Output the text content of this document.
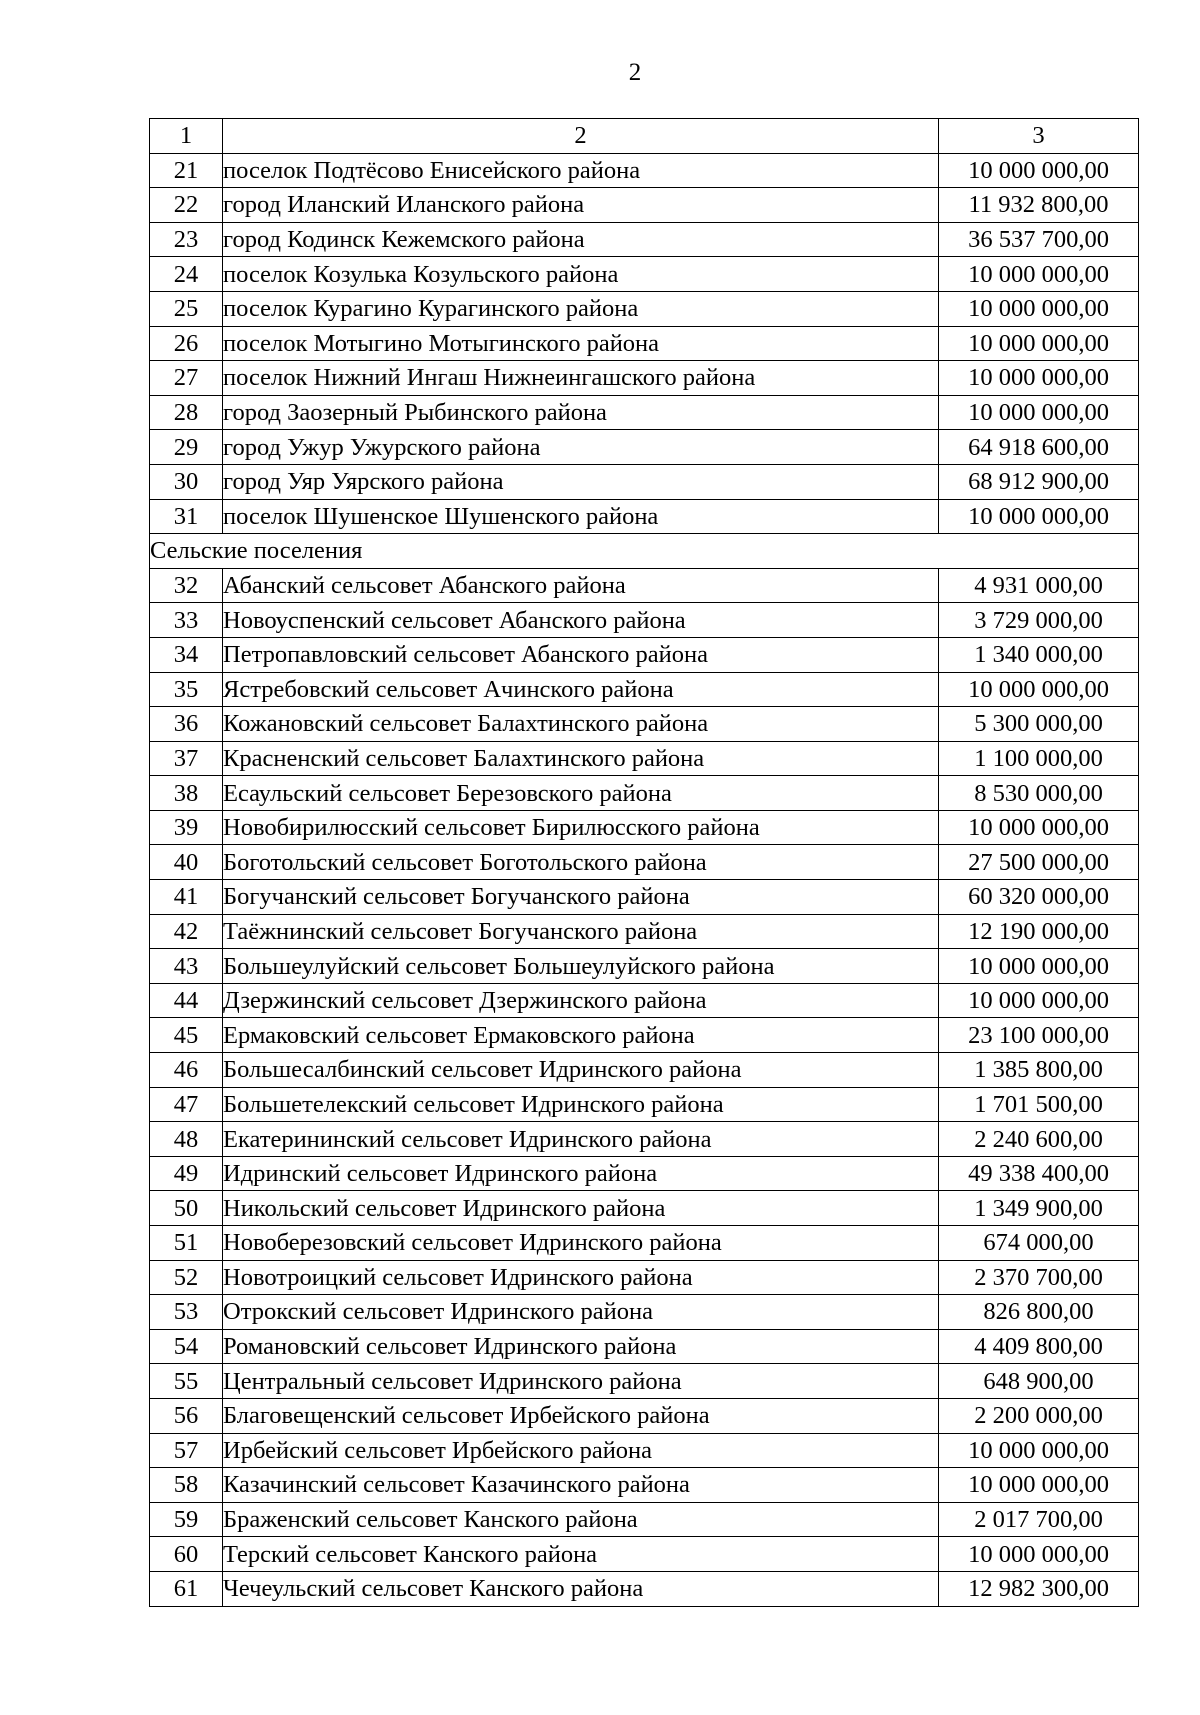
2
1	2	3
21	поселок Подтёсово Енисейского района	10 000 000,00
22	город Иланский Иланского района	11 932 800,00
23	город Кодинск Кежемского района	36 537 700,00
24	поселок Козулька Козульского района	10 000 000,00
25	поселок Курагино Курагинского района	10 000 000,00
26	поселок Мотыгино Мотыгинского района	10 000 000,00
27	поселок Нижний Ингаш Нижнеингашского района	10 000 000,00
28	город Заозерный Рыбинского района	10 000 000,00
29	город Ужур Ужурского района	64 918 600,00
30	город Уяр Уярского района	68 912 900,00
31	поселок Шушенское Шушенского района	10 000 000,00
Сельские поселения		
32	Абанский сельсовет Абанского района	4 931 000,00
33	Новоуспенский сельсовет Абанского района	3 729 000,00
34	Петропавловский сельсовет Абанского района	1 340 000,00
35	Ястребовский сельсовет Ачинского района	10 000 000,00
36	Кожановский сельсовет Балахтинского района	5 300 000,00
37	Красненский сельсовет Балахтинского района	1 100 000,00
38	Есаульский сельсовет Березовского района	8 530 000,00
39	Новобирилюсский сельсовет Бирилюсского района	10 000 000,00
40	Боготольский сельсовет Боготольского района	27 500 000,00
41	Богучанский сельсовет Богучанского района	60 320 000,00
42	Таёжнинский сельсовет Богучанского района	12 190 000,00
43	Большеулуйский сельсовет Большеулуйского района	10 000 000,00
44	Дзержинский сельсовет Дзержинского района	10 000 000,00
45	Ермаковский сельсовет Ермаковского района	23 100 000,00
46	Большесалбинский сельсовет Идринского района	1 385 800,00
47	Большетелекский сельсовет Идринского района	1 701 500,00
48	Екатерининский сельсовет Идринского района	2 240 600,00
49	Идринский сельсовет Идринского района	49 338 400,00
50	Никольский сельсовет Идринского района	1 349 900,00
51	Новоберезовский сельсовет Идринского района	674 000,00
52	Новотроицкий сельсовет Идринского района	2 370 700,00
53	Отрокский сельсовет Идринского района	826 800,00
54	Романовский сельсовет Идринского района	4 409 800,00
55	Центральный сельсовет Идринского района	648 900,00
56	Благовещенский сельсовет Ирбейского района	2 200 000,00
57	Ирбейский сельсовет Ирбейского района	10 000 000,00
58	Казачинский сельсовет Казачинского района	10 000 000,00
59	Браженский сельсовет Канского района	2 017 700,00
60	Терский сельсовет Канского района	10 000 000,00
61	Чечеульский сельсовет Канского района	12 982 300,00
